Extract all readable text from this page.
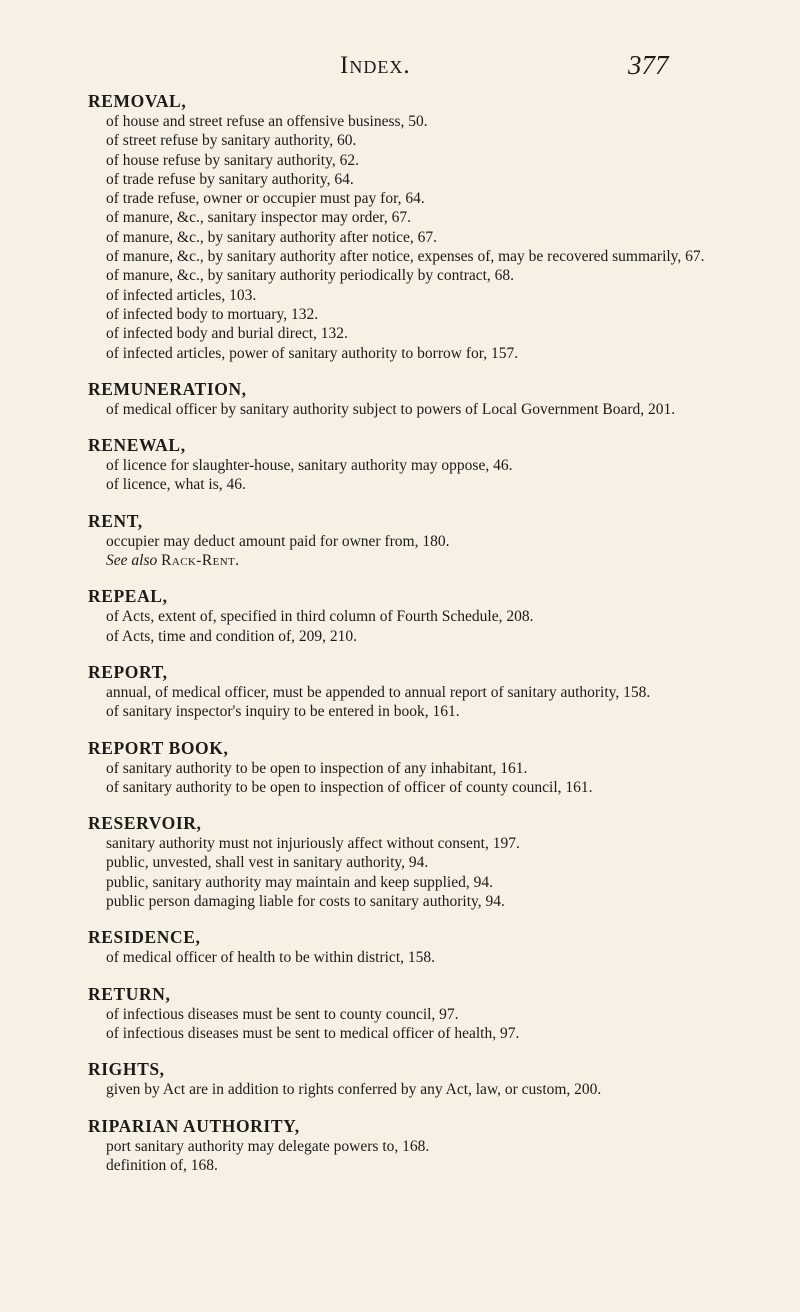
Index.	377

REMOVAL,

of house and street refuse an offensive business, 50.

of street refuse by sanitary authority, 60.

of house refuse by sanitary authority, 62.

of trade refuse by sanitary authority, 64.

of trade refuse, owner or occupier must pay for, 64.

of manure, &c., sanitary inspector may order, 67.

of manure, &c., by sanitary authority after notice, 67.

of manure, &c., by sanitary authority after notice, expenses of, may be recovered summarily, 67.

of manure, &c., by sanitary authority periodically by contract, 68.

of infected articles, 103.

of infected body to mortuary, 132.

of infected body and burial direct, 132.

of infected articles, power of sanitary authority to borrow for, 157.

REMUNERATION,

of medical officer by sanitary authority subject to powers of Local Government Board, 201.

RENEWAL,

of licence for slaughter-house, sanitary authority may oppose, 46.

of licence, what is, 46.

RENT,

occupier may deduct amount paid for owner from, 180.

See also Rack-Rent.

REPEAL,

of Acts, extent of, specified in third column of Fourth Schedule, 208.

of Acts, time and condition of, 209, 210.

REPORT,

annual, of medical officer, must be appended to annual report of sanitary authority, 158.

of sanitary inspector's inquiry to be entered in book, 161.

REPORT BOOK,

of sanitary authority to be open to inspection of any inhabitant, 161.

of sanitary authority to be open to inspection of officer of county council, 161.

RESERVOIR,

sanitary authority must not injuriously affect without consent, 197.

public, unvested, shall vest in sanitary authority, 94.

public, sanitary authority may maintain and keep supplied, 94.

public person damaging liable for costs to sanitary authority, 94.

RESIDENCE,

of medical officer of health to be within district, 158.

RETURN,

of infectious diseases must be sent to county council, 97.

of infectious diseases must be sent to medical officer of health, 97.

RIGHTS,

given by Act are in addition to rights conferred by any Act, law, or custom, 200.

RIPARIAN AUTHORITY,

port sanitary authority may delegate powers to, 168.

definition of, 168.
